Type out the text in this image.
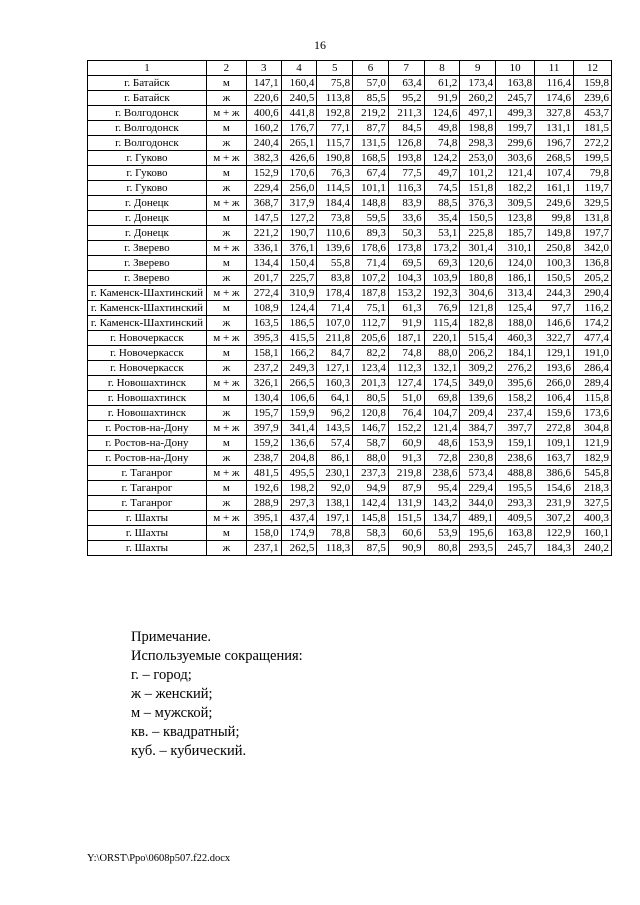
16
1	2	3	4	5	6	7	8	9	10	11	12
г. Батайск	м	147,1	160,4	75,8	57,0	63,4	61,2	173,4	163,8	116,4	159,8
г. Батайск	ж	220,6	240,5	113,8	85,5	95,2	91,9	260,2	245,7	174,6	239,6
г. Волгодонск	м + ж	400,6	441,8	192,8	219,2	211,3	124,6	497,1	499,3	327,8	453,7
г. Волгодонск	м	160,2	176,7	77,1	87,7	84,5	49,8	198,8	199,7	131,1	181,5
г. Волгодонск	ж	240,4	265,1	115,7	131,5	126,8	74,8	298,3	299,6	196,7	272,2
г. Гуково	м + ж	382,3	426,6	190,8	168,5	193,8	124,2	253,0	303,6	268,5	199,5
г. Гуково	м	152,9	170,6	76,3	67,4	77,5	49,7	101,2	121,4	107,4	79,8
г. Гуково	ж	229,4	256,0	114,5	101,1	116,3	74,5	151,8	182,2	161,1	119,7
г. Донецк	м + ж	368,7	317,9	184,4	148,8	83,9	88,5	376,3	309,5	249,6	329,5
г. Донецк	м	147,5	127,2	73,8	59,5	33,6	35,4	150,5	123,8	99,8	131,8
г. Донецк	ж	221,2	190,7	110,6	89,3	50,3	53,1	225,8	185,7	149,8	197,7
г. Зверево	м + ж	336,1	376,1	139,6	178,6	173,8	173,2	301,4	310,1	250,8	342,0
г. Зверево	м	134,4	150,4	55,8	71,4	69,5	69,3	120,6	124,0	100,3	136,8
г. Зверево	ж	201,7	225,7	83,8	107,2	104,3	103,9	180,8	186,1	150,5	205,2
г. Каменск-Шахтинский	м + ж	272,4	310,9	178,4	187,8	153,2	192,3	304,6	313,4	244,3	290,4
г. Каменск-Шахтинский	м	108,9	124,4	71,4	75,1	61,3	76,9	121,8	125,4	97,7	116,2
г. Каменск-Шахтинский	ж	163,5	186,5	107,0	112,7	91,9	115,4	182,8	188,0	146,6	174,2
г. Новочеркасск	м + ж	395,3	415,5	211,8	205,6	187,1	220,1	515,4	460,3	322,7	477,4
г. Новочеркасск	м	158,1	166,2	84,7	82,2	74,8	88,0	206,2	184,1	129,1	191,0
г. Новочеркасск	ж	237,2	249,3	127,1	123,4	112,3	132,1	309,2	276,2	193,6	286,4
г. Новошахтинск	м + ж	326,1	266,5	160,3	201,3	127,4	174,5	349,0	395,6	266,0	289,4
г. Новошахтинск	м	130,4	106,6	64,1	80,5	51,0	69,8	139,6	158,2	106,4	115,8
г. Новошахтинск	ж	195,7	159,9	96,2	120,8	76,4	104,7	209,4	237,4	159,6	173,6
г. Ростов-на-Дону	м + ж	397,9	341,4	143,5	146,7	152,2	121,4	384,7	397,7	272,8	304,8
г. Ростов-на-Дону	м	159,2	136,6	57,4	58,7	60,9	48,6	153,9	159,1	109,1	121,9
г. Ростов-на-Дону	ж	238,7	204,8	86,1	88,0	91,3	72,8	230,8	238,6	163,7	182,9
г. Таганрог	м + ж	481,5	495,5	230,1	237,3	219,8	238,6	573,4	488,8	386,6	545,8
г. Таганрог	м	192,6	198,2	92,0	94,9	87,9	95,4	229,4	195,5	154,6	218,3
г. Таганрог	ж	288,9	297,3	138,1	142,4	131,9	143,2	344,0	293,3	231,9	327,5
г. Шахты	м + ж	395,1	437,4	197,1	145,8	151,5	134,7	489,1	409,5	307,2	400,3
г. Шахты	м	158,0	174,9	78,8	58,3	60,6	53,9	195,6	163,8	122,9	160,1
г. Шахты	ж	237,1	262,5	118,3	87,5	90,9	80,8	293,5	245,7	184,3	240,2
Примечание.
Используемые сокращения:
г. – город;
ж – женский;
м – мужской;
кв. – квадратный;
куб. – кубический.
Y:\ORST\Ppo\0608p507.f22.docx
